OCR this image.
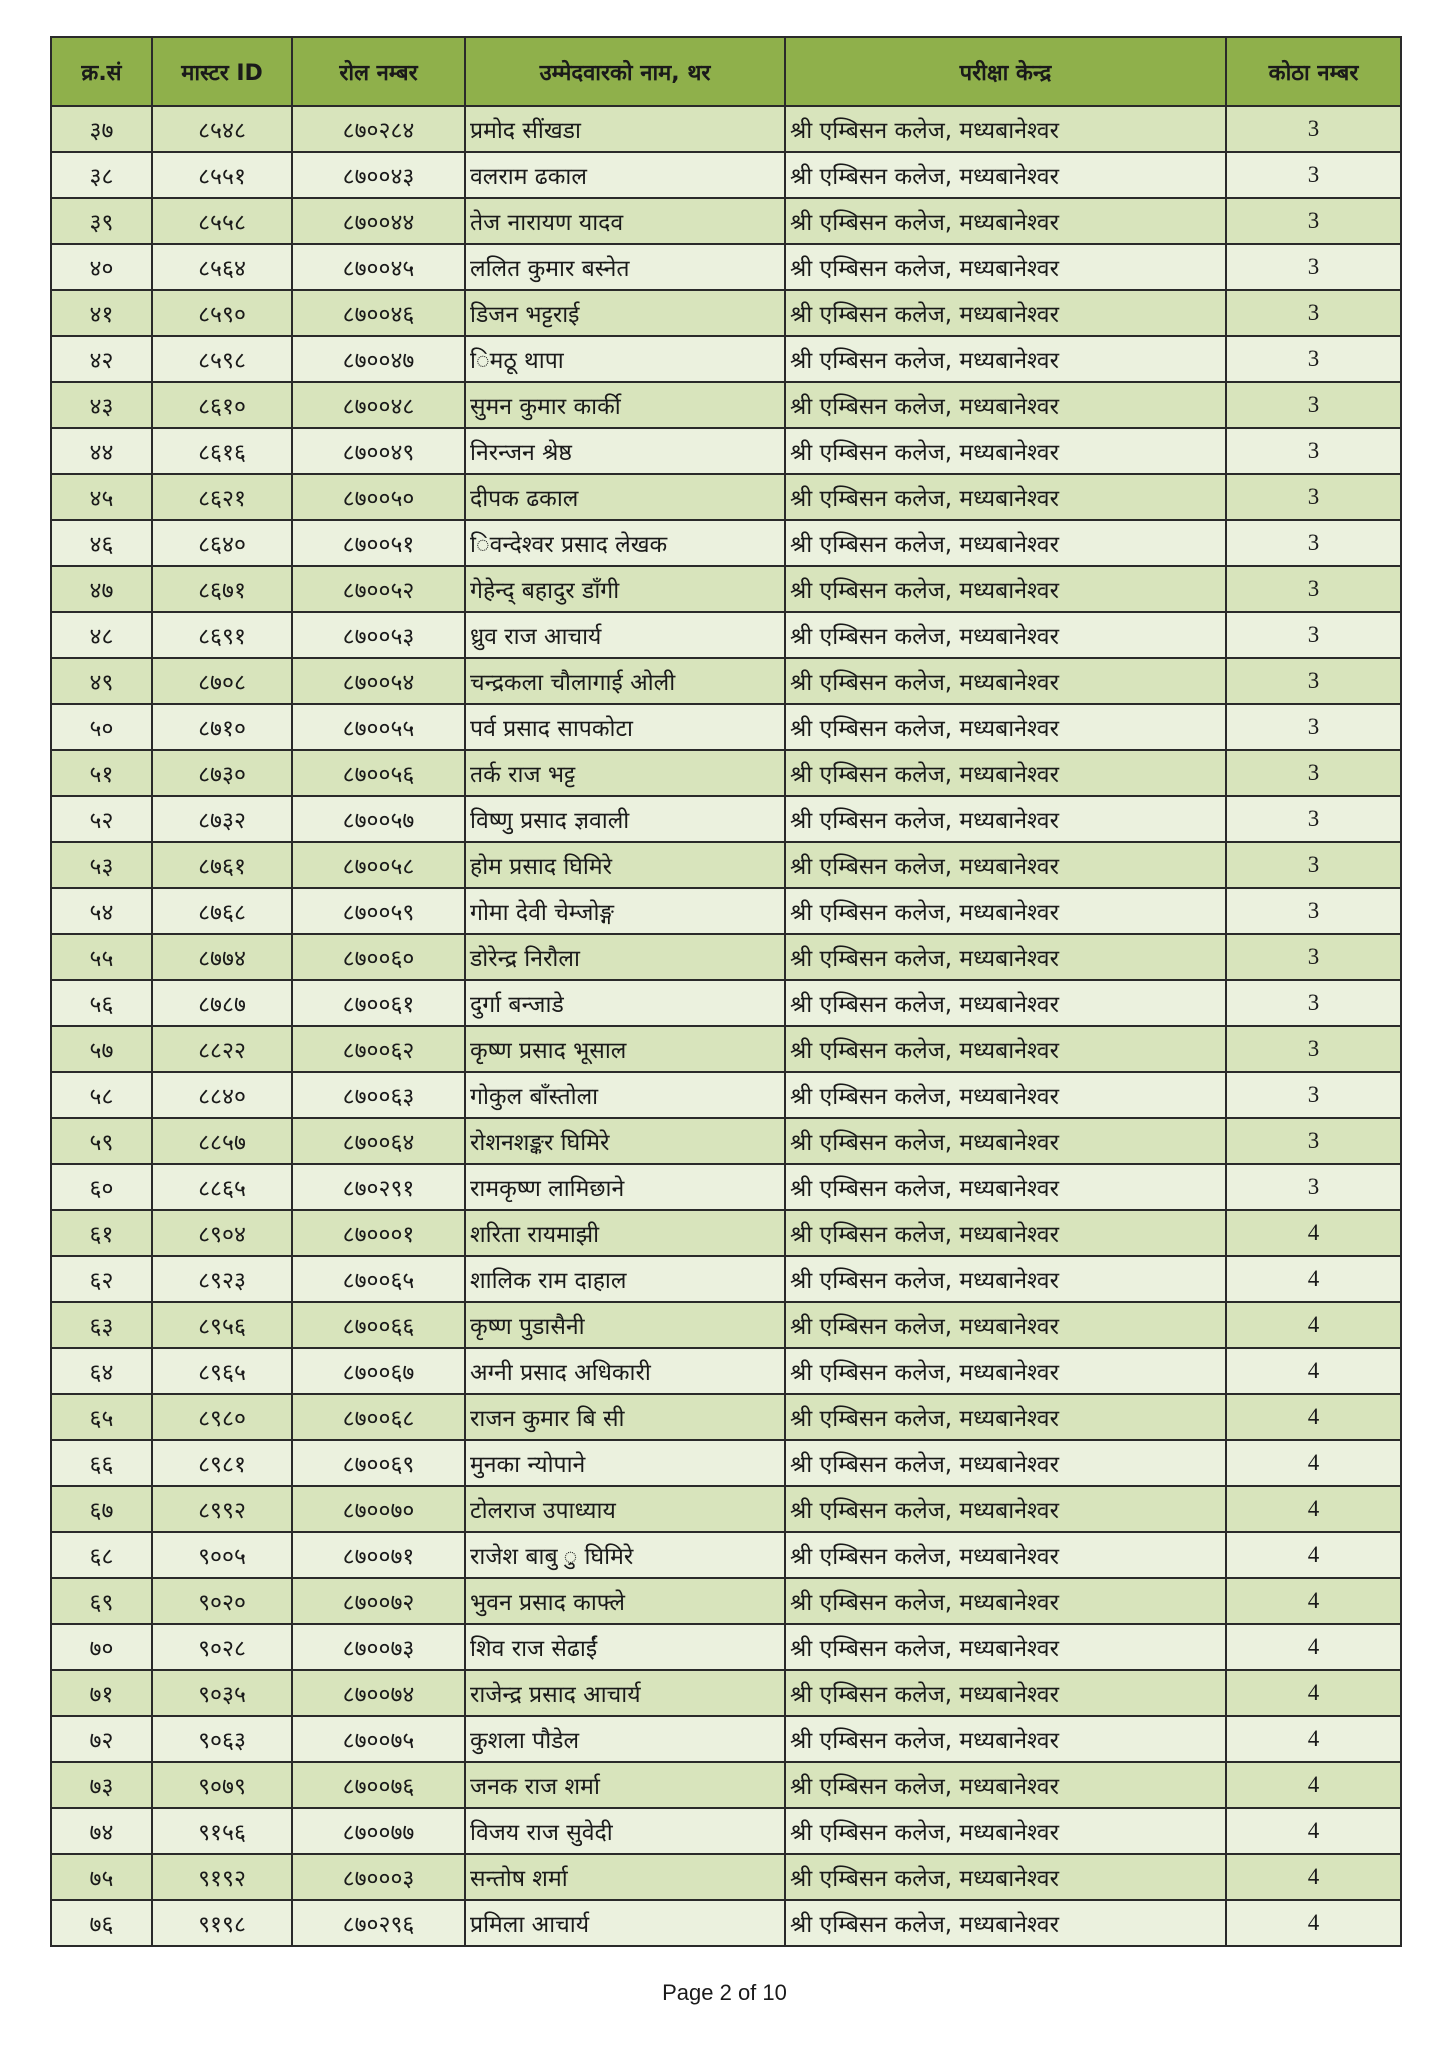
क्र.सं	मास्टर ID	रोल नम्बर	उम्मेदवारको नाम, थर	परीक्षा केन्द्र	कोठा नम्बर
३७	८५४८	८७०२८४	प्रमोद सींखडा	श्री एम्बिसन कलेज, मध्यबानेश्वर	3
३८	८५५१	८७००४३	वलराम ढकाल	श्री एम्बिसन कलेज, मध्यबानेश्वर	3
३९	८५५८	८७००४४	तेज नारायण यादव	श्री एम्बिसन कलेज, मध्यबानेश्वर	3
४०	८५६४	८७००४५	ललित कुमार बस्नेत	श्री एम्बिसन कलेज, मध्यबानेश्वर	3
४१	८५९०	८७००४६	डिजन भट्टराई	श्री एम्बिसन कलेज, मध्यबानेश्वर	3
४२	८५९८	८७००४७	िमठू थापा	श्री एम्बिसन कलेज, मध्यबानेश्वर	3
४३	८६१०	८७००४८	सुमन कुमार कार्की	श्री एम्बिसन कलेज, मध्यबानेश्वर	3
४४	८६१६	८७००४९	निरन्जन श्रेष्ठ	श्री एम्बिसन कलेज, मध्यबानेश्वर	3
४५	८६२१	८७००५०	दीपक ढकाल	श्री एम्बिसन कलेज, मध्यबानेश्वर	3
४६	८६४०	८७००५१	िवन्देश्वर प्रसाद लेखक	श्री एम्बिसन कलेज, मध्यबानेश्वर	3
४७	८६७१	८७००५२	गेहेन्द् बहादुर डाँगी	श्री एम्बिसन कलेज, मध्यबानेश्वर	3
४८	८६९१	८७००५३	ध्रुव राज आचार्य	श्री एम्बिसन कलेज, मध्यबानेश्वर	3
४९	८७०८	८७००५४	चन्द्रकला चौलागाई ओली	श्री एम्बिसन कलेज, मध्यबानेश्वर	3
५०	८७१०	८७००५५	पर्व प्रसाद सापकोटा	श्री एम्बिसन कलेज, मध्यबानेश्वर	3
५१	८७३०	८७००५६	तर्क राज भट्ट	श्री एम्बिसन कलेज, मध्यबानेश्वर	3
५२	८७३२	८७००५७	विष्णु प्रसाद ज्ञवाली	श्री एम्बिसन कलेज, मध्यबानेश्वर	3
५३	८७६१	८७००५८	होम प्रसाद घिमिरे	श्री एम्बिसन कलेज, मध्यबानेश्वर	3
५४	८७६८	८७००५९	गोमा देवी चेम्जोङ्ग	श्री एम्बिसन कलेज, मध्यबानेश्वर	3
५५	८७७४	८७००६०	डोरेन्द्र निरौला	श्री एम्बिसन कलेज, मध्यबानेश्वर	3
५६	८७८७	८७००६१	दुर्गा बन्जाडे	श्री एम्बिसन कलेज, मध्यबानेश्वर	3
५७	८८२२	८७००६२	कृृष्ण प्रसाद भूसाल	श्री एम्बिसन कलेज, मध्यबानेश्वर	3
५८	८८४०	८७००६३	गोकुल बाँस्तोला	श्री एम्बिसन कलेज, मध्यबानेश्वर	3
५९	८८५७	८७००६४	रोशनशङ्कर घिमिरे	श्री एम्बिसन कलेज, मध्यबानेश्वर	3
६०	८८६५	८७०२९१	रामकृष्ण लामिछाने	श्री एम्बिसन कलेज, मध्यबानेश्वर	3
६१	८९०४	८७०००१	शरिता रायमाझी	श्री एम्बिसन कलेज, मध्यबानेश्वर	4
६२	८९२३	८७००६५	शालिक राम दाहाल	श्री एम्बिसन कलेज, मध्यबानेश्वर	4
६३	८९५६	८७००६६	कृष्ण पुडासैनी	श्री एम्बिसन कलेज, मध्यबानेश्वर	4
६४	८९६५	८७००६७	अग्नी प्रसाद अधिकारी	श्री एम्बिसन कलेज, मध्यबानेश्वर	4
६५	८९८०	८७००६८	राजन कुमार बि सी	श्री एम्बिसन कलेज, मध्यबानेश्वर	4
६६	८९८१	८७००६९	मुनका न्योपाने	श्री एम्बिसन कलेज, मध्यबानेश्वर	4
६७	८९९२	८७००७०	टोलराज उपाध्याय	श्री एम्बिसन कलेज, मध्यबानेश्वर	4
६८	९००५	८७००७१	राजेश बाबु ु घिमिरे	श्री एम्बिसन कलेज, मध्यबानेश्वर	4
६९	९०२०	८७००७२	भुवन प्रसाद काफ्ले	श्री एम्बिसन कलेज, मध्यबानेश्वर	4
७०	९०२८	८७००७३	शिव राज सेढाईं	श्री एम्बिसन कलेज, मध्यबानेश्वर	4
७१	९०३५	८७००७४	राजेन्द्र प्रसाद आचार्य	श्री एम्बिसन कलेज, मध्यबानेश्वर	4
७२	९०६३	८७००७५	कुशला पौडेल	श्री एम्बिसन कलेज, मध्यबानेश्वर	4
७३	९०७९	८७००७६	जनक राज शर्मा	श्री एम्बिसन कलेज, मध्यबानेश्वर	4
७४	९१५६	८७००७७	विजय राज सुवेदी	श्री एम्बिसन कलेज, मध्यबानेश्वर	4
७५	९१९२	८७०००३	सन्तोष शर्मा	श्री एम्बिसन कलेज, मध्यबानेश्वर	4
७६	९१९८	८७०२९६	प्रमिला आचार्य	श्री एम्बिसन कलेज, मध्यबानेश्वर	4
Page 2 of 10
